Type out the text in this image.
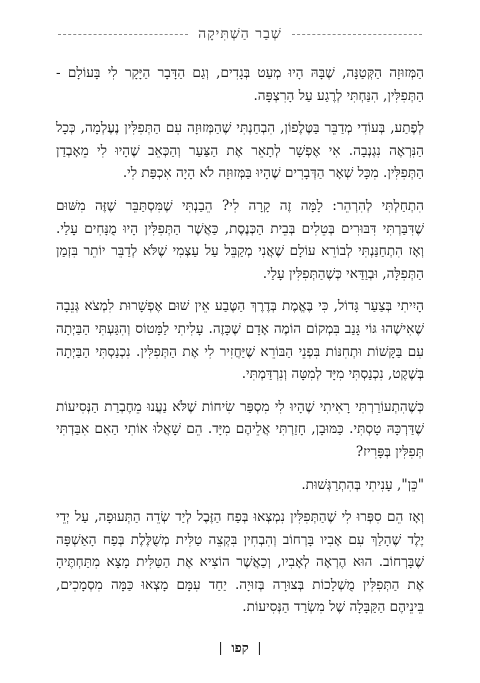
שְׁבַר הַשְׁתִּיקָה

הַמְּזוּזָה הַקְּטַנָּה, שֶׁבָּהּ הָיוּ מְעַט בְּגָדִים, וְגַם הַדָּבָר הַיָּקָר לִי בָּעוֹלָם - הַתְּפִלִּין, הִנַּחְתִּי לְרֶגַע עַל הָרִצְפָּה.

לְפֶתַע, בְּעוֹדִי מְדַבֵּר בַּטֶּלֶפוֹן, הִבְחַנְתִּי שֶׁהַמְּזוּזָה עִם הַתְּפִלִּין נֶעֶלְמָה, כְּכָל הַנִּרְאֶה נִגְנְבָה. אִי אֶפְשָׁר לְתָאֵר אֶת הַצַּעַר וְהַכְּאֵב שֶׁהָיוּ לִי מֵאָבְדַן הַתְּפִלִּין. מִכָּל שְׁאָר הַדְּבָרִים שֶׁהָיוּ בַּמְּזוּזָה לֹא הָיָה אִכְפַּת לִי.

הִתְחַלְתִּי לְהִרְהֵר: לָמָּה זֶה קָרָה לִי? הֵבַנְתִּי שֶׁמִּסְתַּבֵּר שֶׁזֶּה מִשּׁוּם שֶׁדִּבַּרְתִּי דִּבּוּרִים בְּטֵלִים בְּבֵית הַכְּנֶסֶת, כַּאֲשֶׁר הַתְּפִלִּין הָיוּ מֻנָּחִים עָלַי. וְאָז הִתְחַנַּנְתִּי לְבוֹרֵא עוֹלָם שֶׁאֲנִי מְקַבֵּל עַל עַצְמִי שֶׁלֹּא לְדַבֵּר יוֹתֵר בִּזְמַן הַתְּפִלָּה, וּבְוַדַּאי כְּשֶׁהַתְּפִלִּין עָלַי.

הָיִיתִי בְּצַעַר גָּדוֹל, כִּי בֶּאֱמֶת בְּדֶרֶךְ הַטֶּבַע אֵין שׁוּם אֶפְשָׁרוּת לִמְצֹא גְּנֵבָה שֶׁאִישֶׁהוּ גּוֹי גָּנַב בִּמְקוֹם הוֹמֶה אָדָם שֶׁכָּזֶה. עָלִיתִי לַמָּטוֹס וְהִגַּעְתִּי הַבַּיְתָה עִם בַּקָּשׁוֹת וּתְחִנּוֹת בִּפְנֵי הַבּוֹרֵא שֶׁיַּחֲזִיר לִי אֶת הַתְּפִלִּין. נִכְנַסְתִּי הַבַּיְתָה בְּשֶׁקֶט, נִכְנַסְתִּי מִיָּד לְמִטָּה וְנִרְדַּמְתִּי.

כְּשֶׁהִתְעוֹרַרְתִּי רָאִיתִי שֶׁהָיוּ לִי מִסְפַּר שִׂיחוֹת שֶׁלֹּא נַעֲנוּ מֵחֶבְרַת הַנְּסִיעוֹת שֶׁדַּרְכָּהּ טָסְתִּי. כַּמּוּבָן, חָזַרְתִּי אֲלֵיהֶם מִיָּד. הֵם שָׁאֲלוּ אוֹתִי הַאִם אִבַּדְתִּי תְּפִלִּין בְּפָּרִיז?

"כֵּן", עָנִיתִי בְּהִתְרַגְּשׁוּת.

וְאָז הֵם סִפְּרוּ לִי שֶׁהַתְּפִלִּין נִמְצְאוּ בְּפַח הַזֶּבֶל לְיַד שְׂדֵה הַתְּעוּפָה, עַל יְדֵי יֶלֶד שֶׁהָלַךְ עִם אָבִיו בָּרְחוֹב וְהִבְחִין בִּקְצֵה טַלִּית מְשֻׁלֶּלֶת בְּפַח הָאַשְׁפָּה שֶׁבָּרְחוֹב. הוּא הֶרְאָה לְאָבִיו, וְכַאֲשֶׁר הוֹצִיא אֶת הַטַּלִּית מָצָא מִתַּחְתֶּיהָ אֶת הַתְּפִלִּין מֻשְׁלָכוֹת בְּצוּרָה בְּזוּיָה. יַחַד עִמָּם מָצְאוּ כַּמָּה מִסְמָכִים, בֵּינֵיהֶם הַקַּבָּלָה שֶׁל מִשְׂרַד הַנְּסִיעוֹת.

| קפו |
